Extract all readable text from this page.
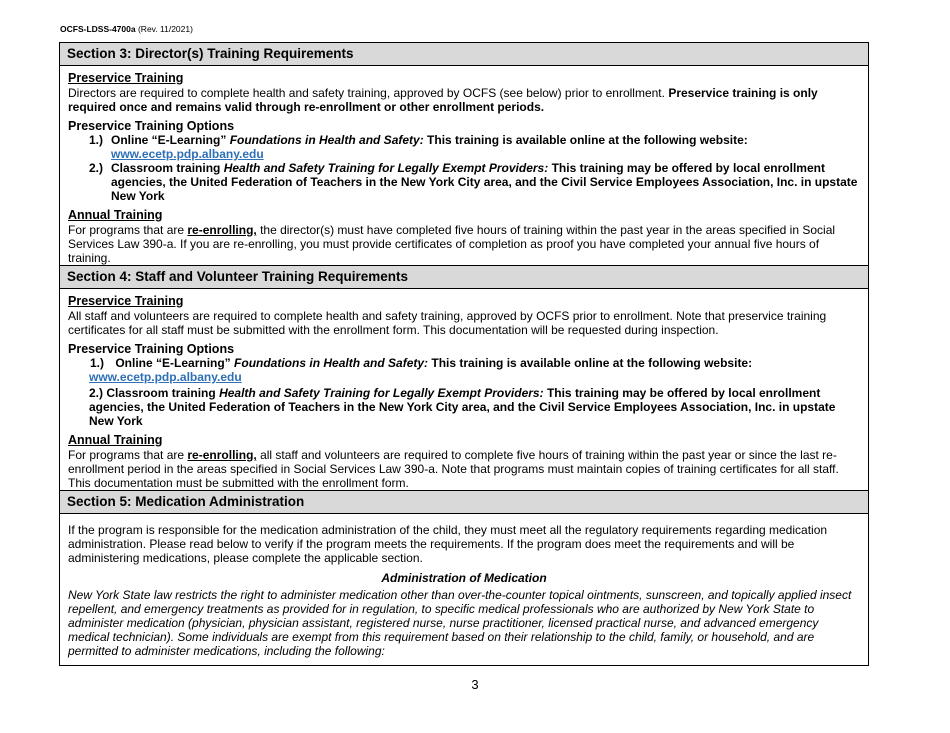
OCFS-LDSS-4700a (Rev. 11/2021)
Section 3: Director(s) Training Requirements
Preservice Training

Directors are required to complete health and safety training, approved by OCFS (see below) prior to enrollment. Preservice training is only required once and remains valid through re-enrollment or other enrollment periods.

Preservice Training Options
1.) Online “E-Learning” Foundations in Health and Safety: This training is available online at the following website:
www.ecetp.pdp.albany.edu
2.) Classroom training Health and Safety Training for Legally Exempt Providers: This training may be offered by local enrollment agencies, the United Federation of Teachers in the New York City area, and the Civil Service Employees Association, Inc. in upstate New York
Annual Training

For programs that are re-enrolling, the director(s) must have completed five hours of training within the past year in the areas specified in Social Services Law 390-a. If you are re-enrolling, you must provide certificates of completion as proof you have completed your annual five hours of training.

Section 4: Staff and Volunteer Training Requirements
Preservice Training

All staff and volunteers are required to complete health and safety training, approved by OCFS prior to enrollment. Note that preservice training certificates for all staff must be submitted with the enrollment form. This documentation will be requested during inspection.

Preservice Training Options
1.) Online “E-Learning” Foundations in Health and Safety: This training is available online at the following website:
www.ecetp.pdp.albany.edu
2.) Classroom training Health and Safety Training for Legally Exempt Providers: This training may be offered by local enrollment agencies, the United Federation of Teachers in the New York City area, and the Civil Service Employees Association, Inc. in upstate New York
Annual Training

For programs that are re-enrolling, all staff and volunteers are required to complete five hours of training within the past year or since the last re-enrollment period in the areas specified in Social Services Law 390-a. Note that programs must maintain copies of training certificates for all staff. This documentation must be submitted with the enrollment form.

Section 5: Medication Administration

If the program is responsible for the medication administration of the child, they must meet all the regulatory requirements regarding medication administration. Please read below to verify if the program meets the requirements. If the program does meet the requirements and will be administering medications, please complete the applicable section.

Administration of Medication

New York State law restricts the right to administer medication other than over-the-counter topical ointments, sunscreen, and topically applied insect repellent, and emergency treatments as provided for in regulation, to specific medical professionals who are authorized by New York State to administer medication (physician, physician assistant, registered nurse, nurse practitioner, licensed practical nurse, and advanced emergency medical technician). Some individuals are exempt from this requirement based on their relationship to the child, family, or household, and are permitted to administer medications, including the following:

3
